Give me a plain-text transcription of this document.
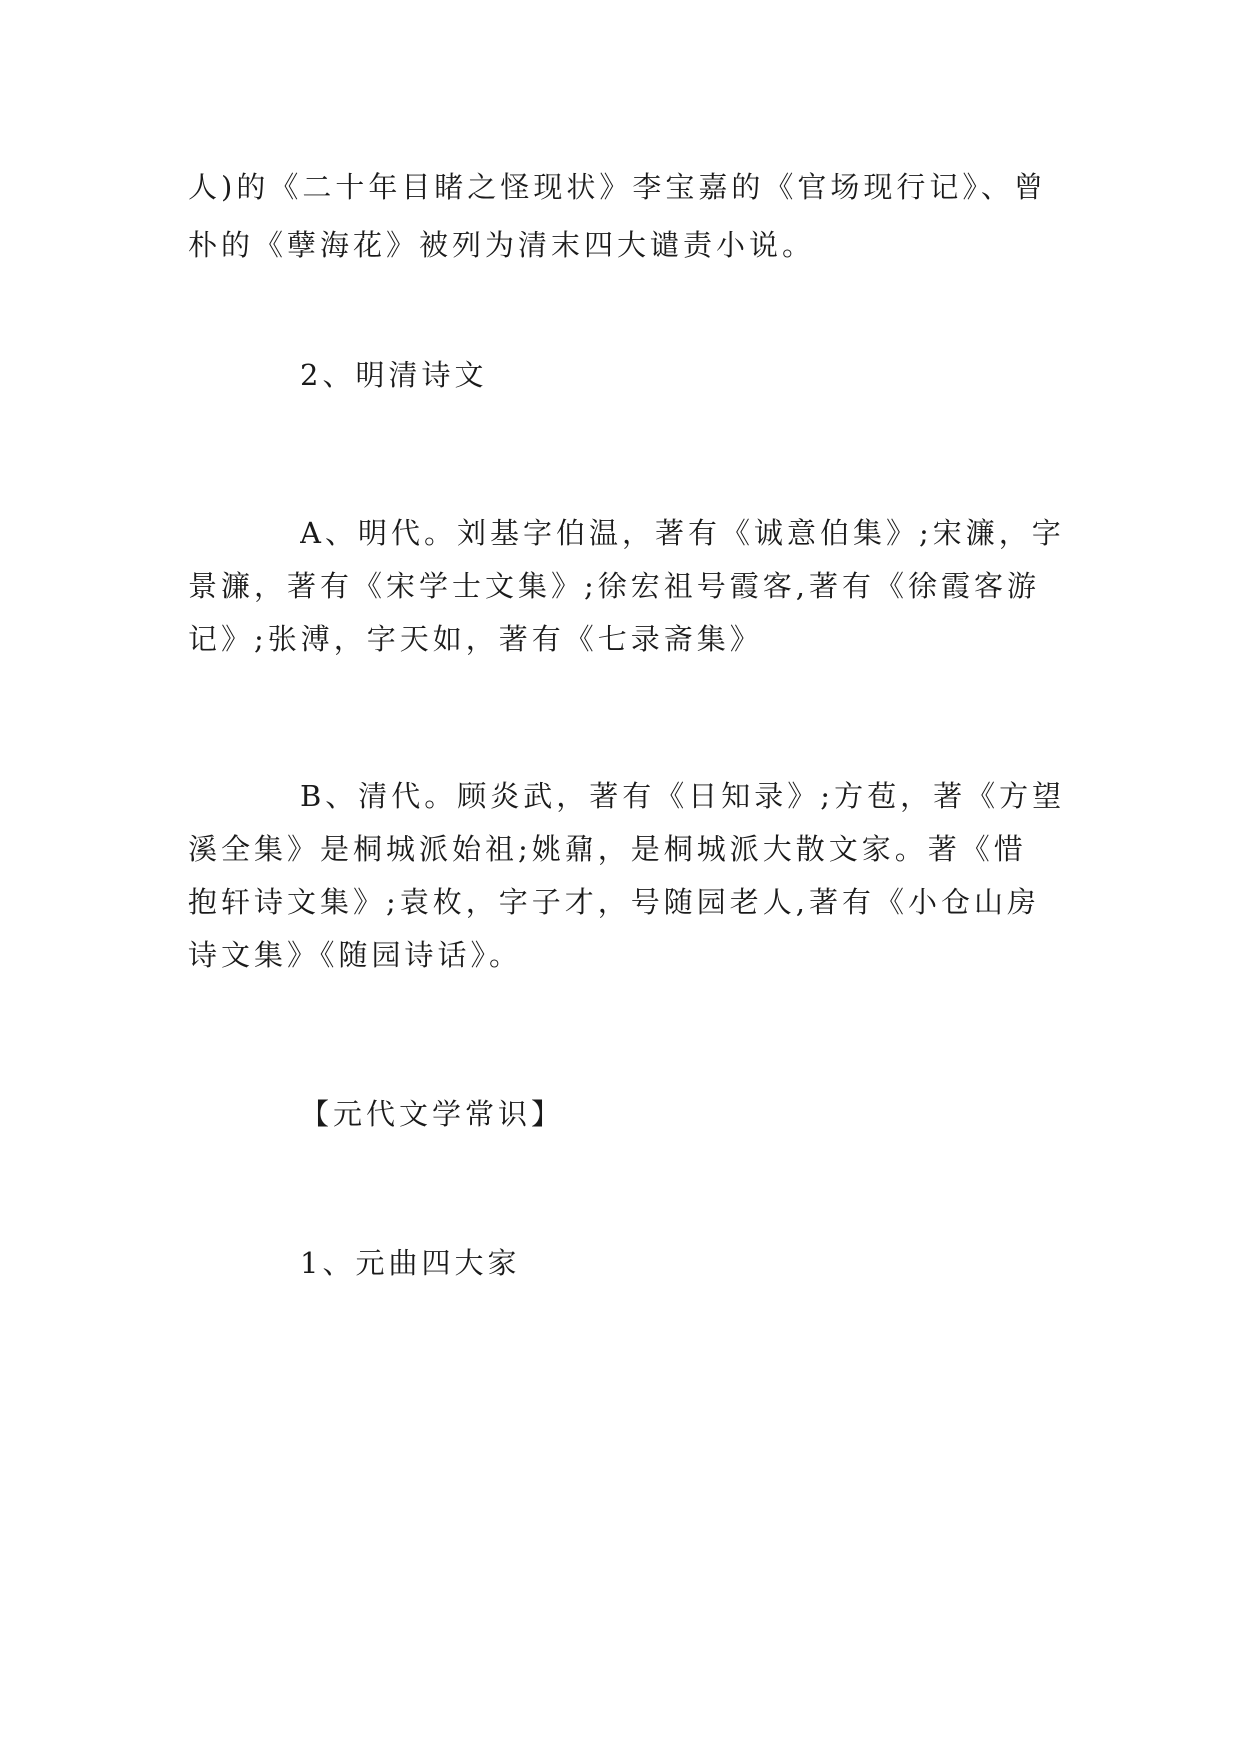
人)的《二十年目睹之怪现状》李宝嘉的《官场现行记》、曾

朴的《孽海花》被列为清末四大谴责小说。

2、明清诗文

A、明代。刘基字伯温，著有《诚意伯集》;宋濂，字

景濂，著有《宋学士文集》;徐宏祖号霞客,著有《徐霞客游

记》;张溥，字天如，著有《七录斋集》

B、清代。顾炎武，著有《日知录》;方苞，著《方望

溪全集》是桐城派始祖;姚鼐，是桐城派大散文家。著《惜

抱轩诗文集》;袁枚，字子才，号随园老人,著有《小仓山房

诗文集》《随园诗话》。

【元代文学常识】

1、元曲四大家
